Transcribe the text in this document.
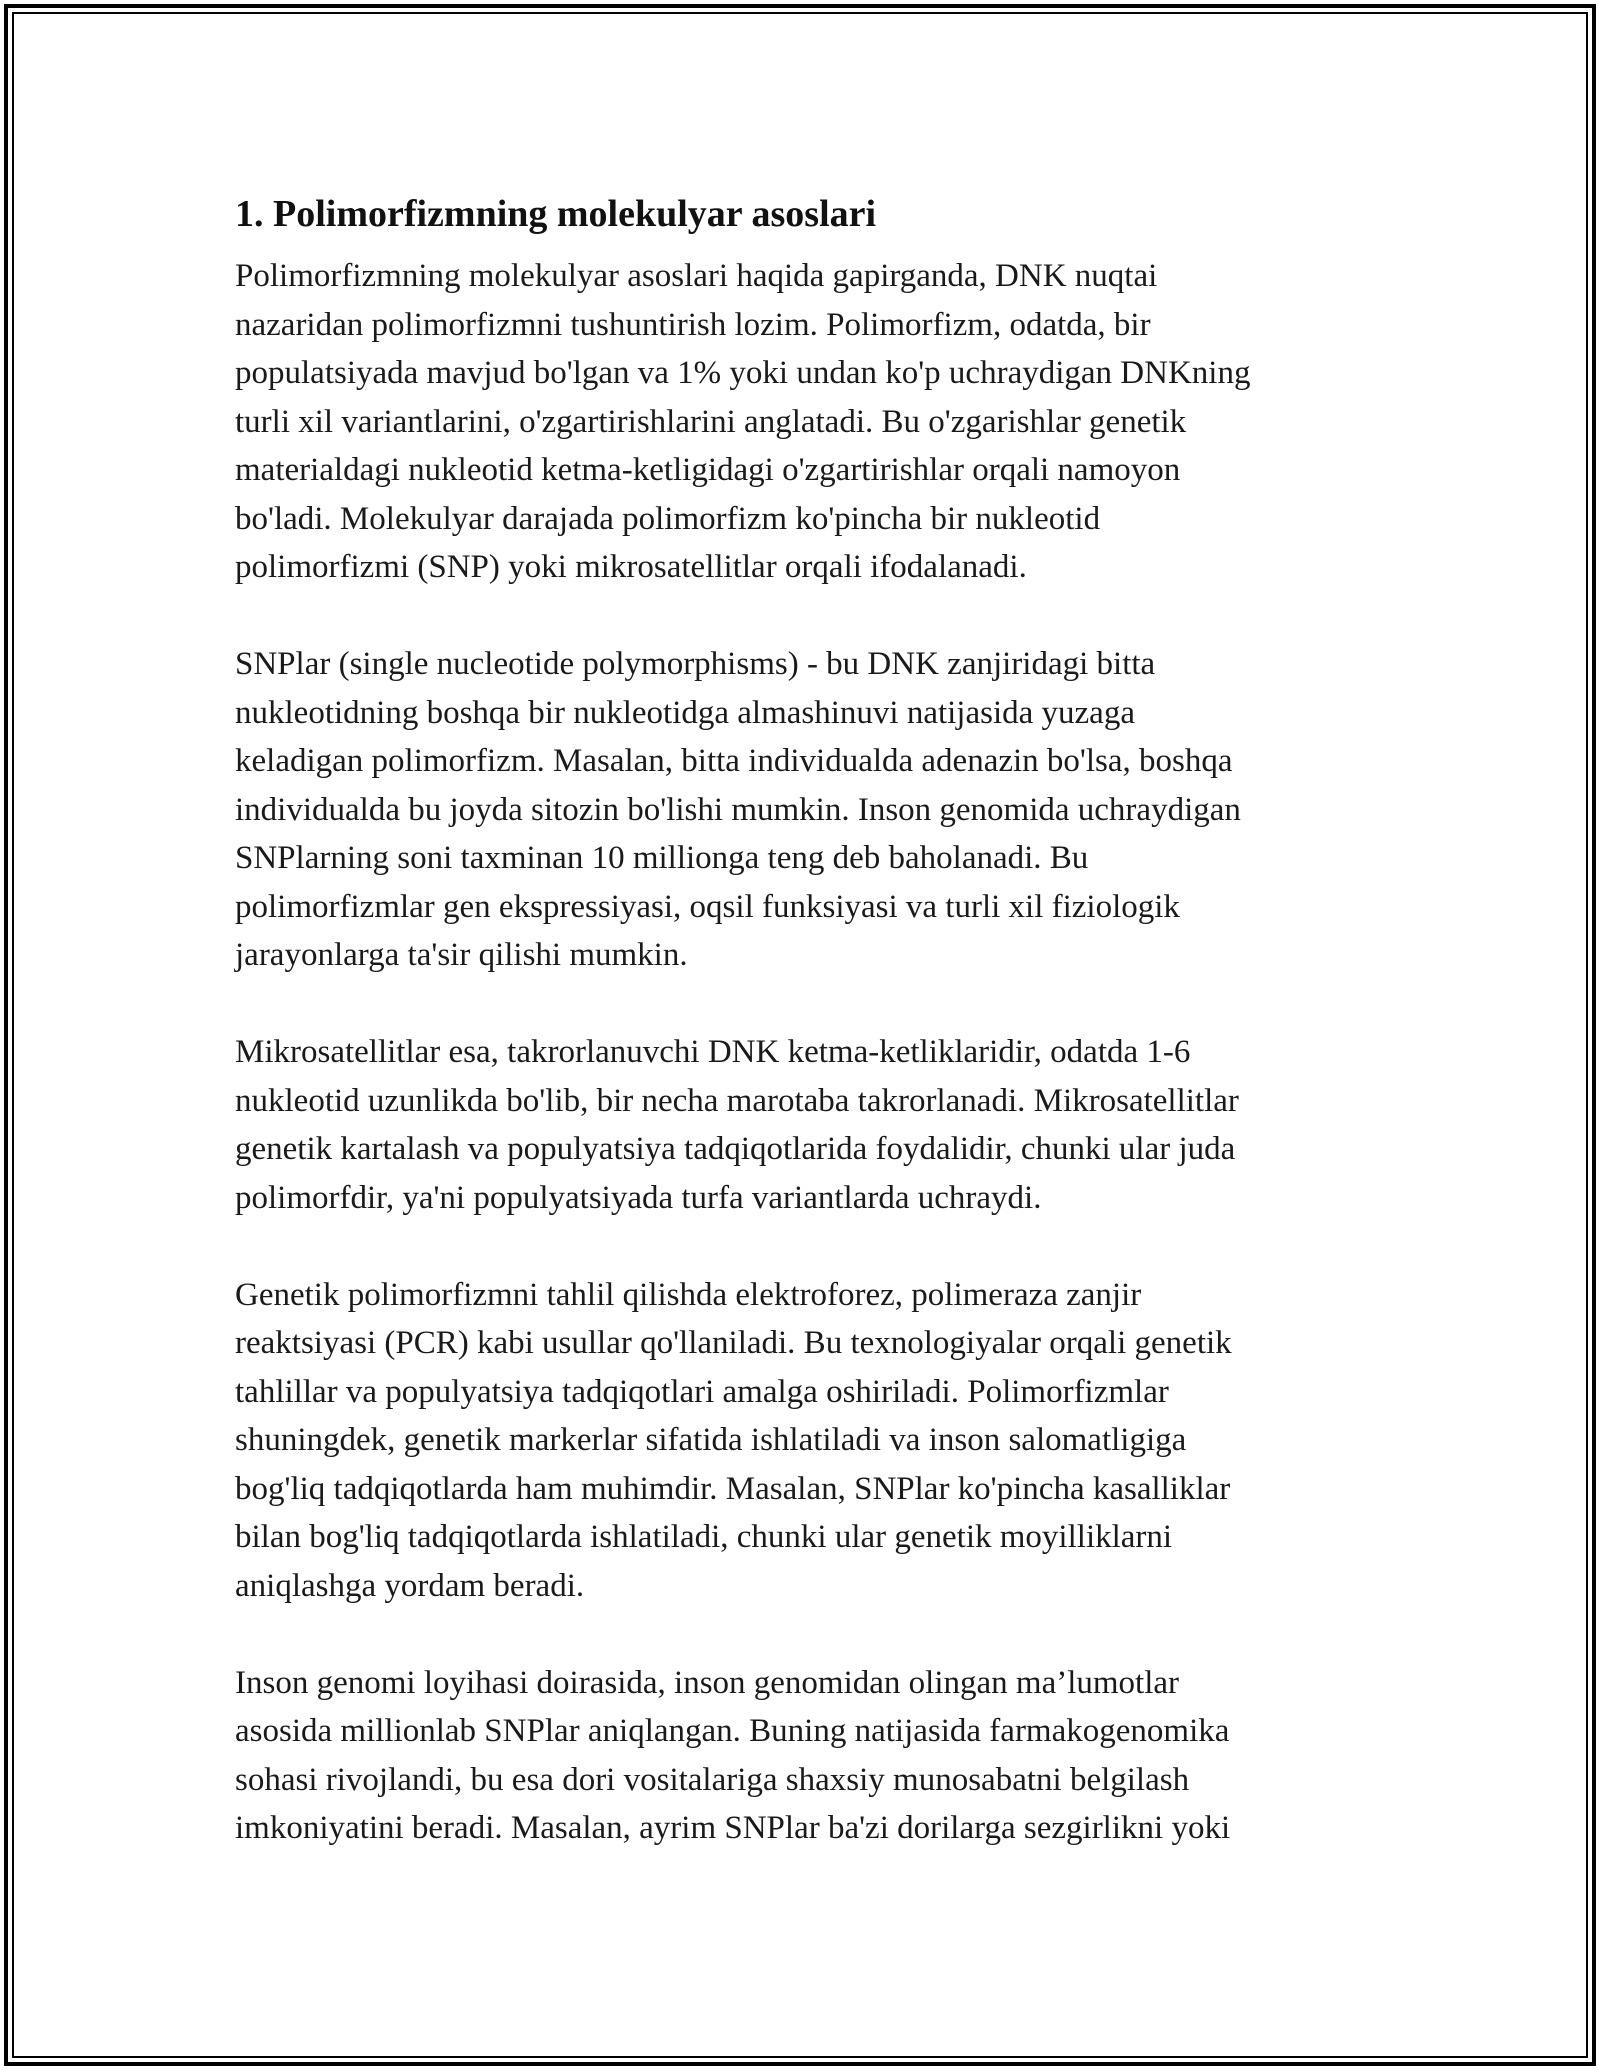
1. Polimorfizmning molekulyar asoslari
Polimorfizmning molekulyar asoslari haqida gapirganda, DNK nuqtai
nazaridan polimorfizmni tushuntirish lozim. Polimorfizm, odatda, bir
populatsiyada mavjud bo'lgan va 1% yoki undan ko'p uchraydigan DNKning
turli xil variantlarini, o'zgartirishlarini anglatadi. Bu o'zgarishlar genetik
materialdagi nukleotid ketma-ketligidagi o'zgartirishlar orqali namoyon
bo'ladi. Molekulyar darajada polimorfizm ko'pincha bir nukleotid
polimorfizmi (SNP) yoki mikrosatellitlar orqali ifodalanadi.
SNPlar (single nucleotide polymorphisms) - bu DNK zanjiridagi bitta
nukleotidning boshqa bir nukleotidga almashinuvi natijasida yuzaga
keladigan polimorfizm. Masalan, bitta individualda adenazin bo'lsa, boshqa
individualda bu joyda sitozin bo'lishi mumkin. Inson genomida uchraydigan
SNPlarning soni taxminan 10 millionga teng deb baholanadi. Bu
polimorfizmlar gen ekspressiyasi, oqsil funksiyasi va turli xil fiziologik
jarayonlarga ta'sir qilishi mumkin.
Mikrosatellitlar esa, takrorlanuvchi DNK ketma-ketliklaridir, odatda 1-6
nukleotid uzunlikda bo'lib, bir necha marotaba takrorlanadi. Mikrosatellitlar
genetik kartalash va populyatsiya tadqiqotlarida foydalidir, chunki ular juda
polimorfdir, ya'ni populyatsiyada turfa variantlarda uchraydi.
Genetik polimorfizmni tahlil qilishda elektroforez, polimeraza zanjir
reaktsiyasi (PCR) kabi usullar qo'llaniladi. Bu texnologiyalar orqali genetik
tahlillar va populyatsiya tadqiqotlari amalga oshiriladi. Polimorfizmlar
shuningdek, genetik markerlar sifatida ishlatiladi va inson salomatligiga
bog'liq tadqiqotlarda ham muhimdir. Masalan, SNPlar ko'pincha kasalliklar
bilan bog'liq tadqiqotlarda ishlatiladi, chunki ular genetik moyilliklarni
aniqlashga yordam beradi.
Inson genomi loyihasi doirasida, inson genomidan olingan ma’lumotlar
asosida millionlab SNPlar aniqlangan. Buning natijasida farmakogenomika
sohasi rivojlandi, bu esa dori vositalariga shaxsiy munosabatni belgilash
imkoniyatini beradi. Masalan, ayrim SNPlar ba'zi dorilarga sezgirlikni yoki
